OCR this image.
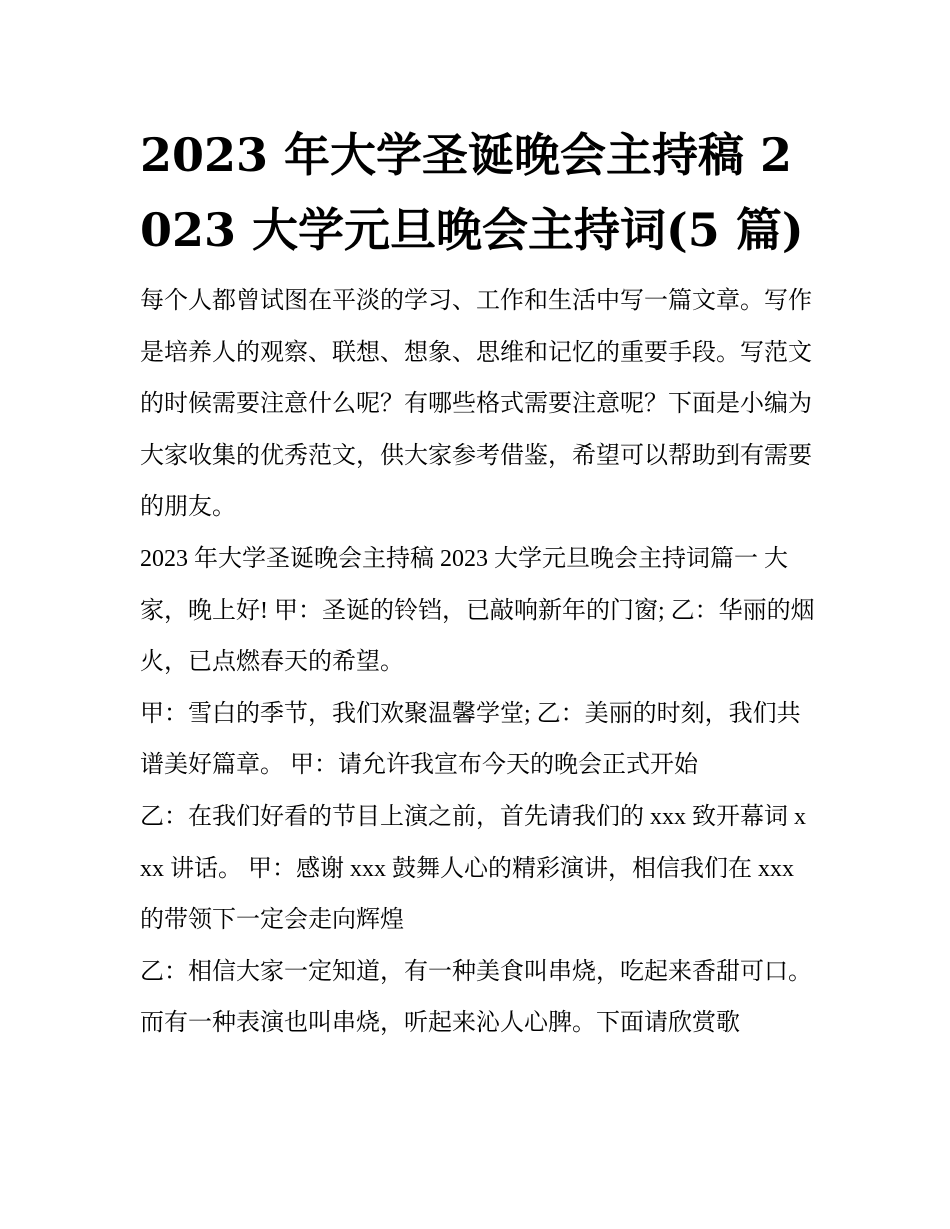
2023 年大学圣诞晚会主持稿 2023 大学元旦晚会主持词(5 篇)

每个人都曾试图在平淡的学习、工作和生活中写一篇文章。写作是培养人的观察、联想、想象、思维和记忆的重要手段。写范文的时候需要注意什么呢？有哪些格式需要注意呢？下面是小编为大家收集的优秀范文，供大家参考借鉴，希望可以帮助到有需要的朋友。

2023 年大学圣诞晚会主持稿 2023 大学元旦晚会主持词篇一 大家，晚上好! 甲：圣诞的铃铛，已敲响新年的门窗; 乙：华丽的烟火，已点燃春天的希望。

甲：雪白的季节，我们欢聚温馨学堂; 乙：美丽的时刻，我们共谱美好篇章。 甲：请允许我宣布今天的晚会正式开始

乙：在我们好看的节目上演之前，首先请我们的 xxx 致开幕词 xxx 讲话。 甲：感谢 xxx 鼓舞人心的精彩演讲，相信我们在 xxx 的带领下一定会走向辉煌

乙：相信大家一定知道，有一种美食叫串烧，吃起来香甜可口。而有一种表演也叫串烧，听起来沁人心脾。下面请欣赏歌
